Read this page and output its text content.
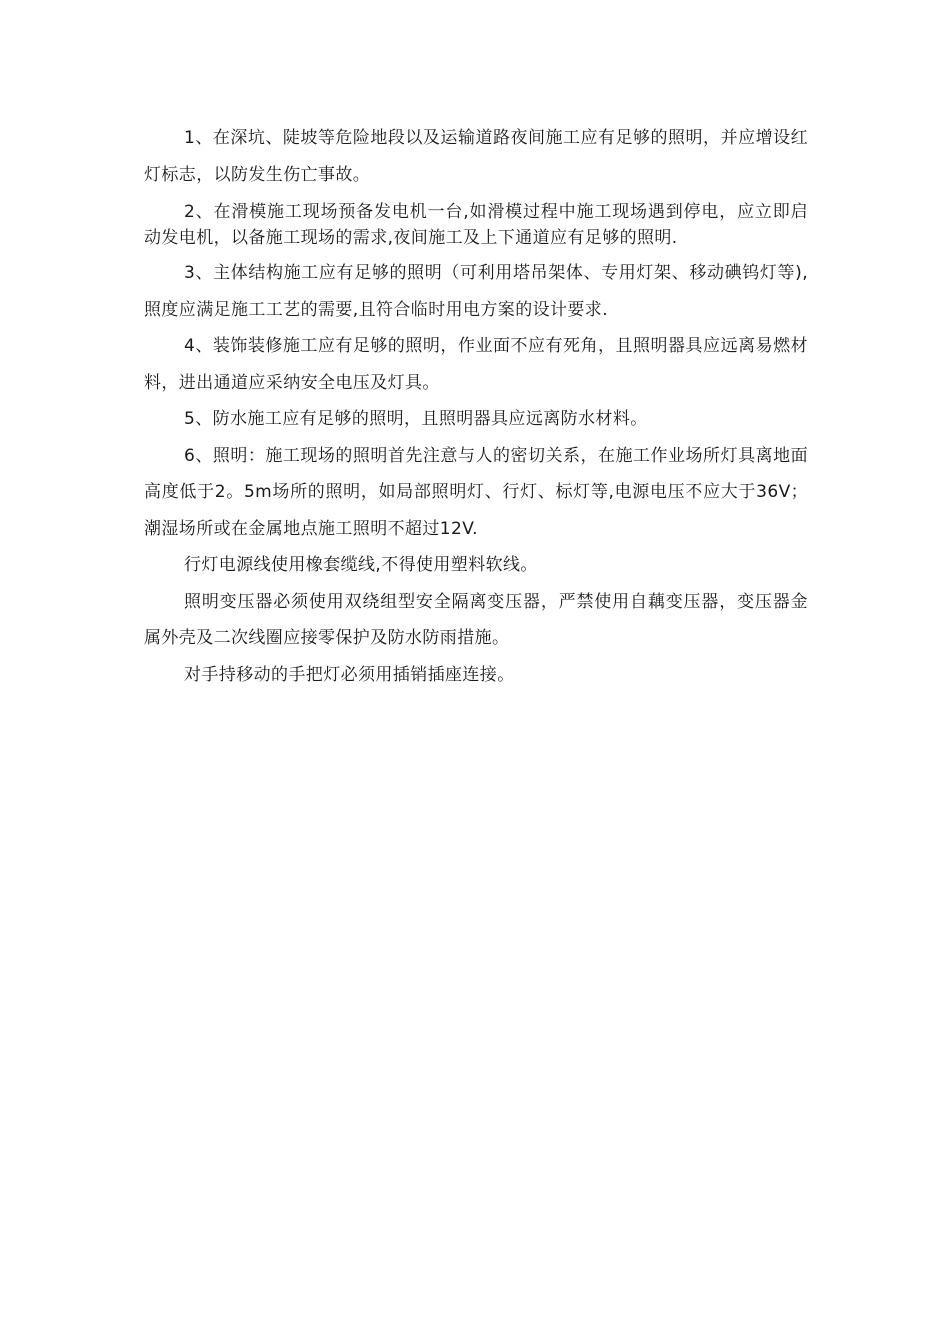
1、在深坑、陡坡等危险地段以及运输道路夜间施工应有足够的照明，并应增设红灯标志，以防发生伤亡事故。

2、在滑模施工现场预备发电机一台,如滑模过程中施工现场遇到停电，应立即启动发电机，以备施工现场的需求,夜间施工及上下通道应有足够的照明.

3、主体结构施工应有足够的照明（可利用塔吊架体、专用灯架、移动碘钨灯等),照度应满足施工工艺的需要,且符合临时用电方案的设计要求.

4、装饰装修施工应有足够的照明，作业面不应有死角，且照明器具应远离易燃材料，进出通道应采纳安全电压及灯具。

5、防水施工应有足够的照明，且照明器具应远离防水材料。

6、照明：施工现场的照明首先注意与人的密切关系，在施工作业场所灯具离地面高度低于2。5m场所的照明，如局部照明灯、行灯、标灯等,电源电压不应大于36V；潮湿场所或在金属地点施工照明不超过12V.

行灯电源线使用橡套缆线,不得使用塑料软线。

照明变压器必须使用双绕组型安全隔离变压器，严禁使用自藕变压器，变压器金属外壳及二次线圈应接零保护及防水防雨措施。

对手持移动的手把灯必须用插销插座连接。
